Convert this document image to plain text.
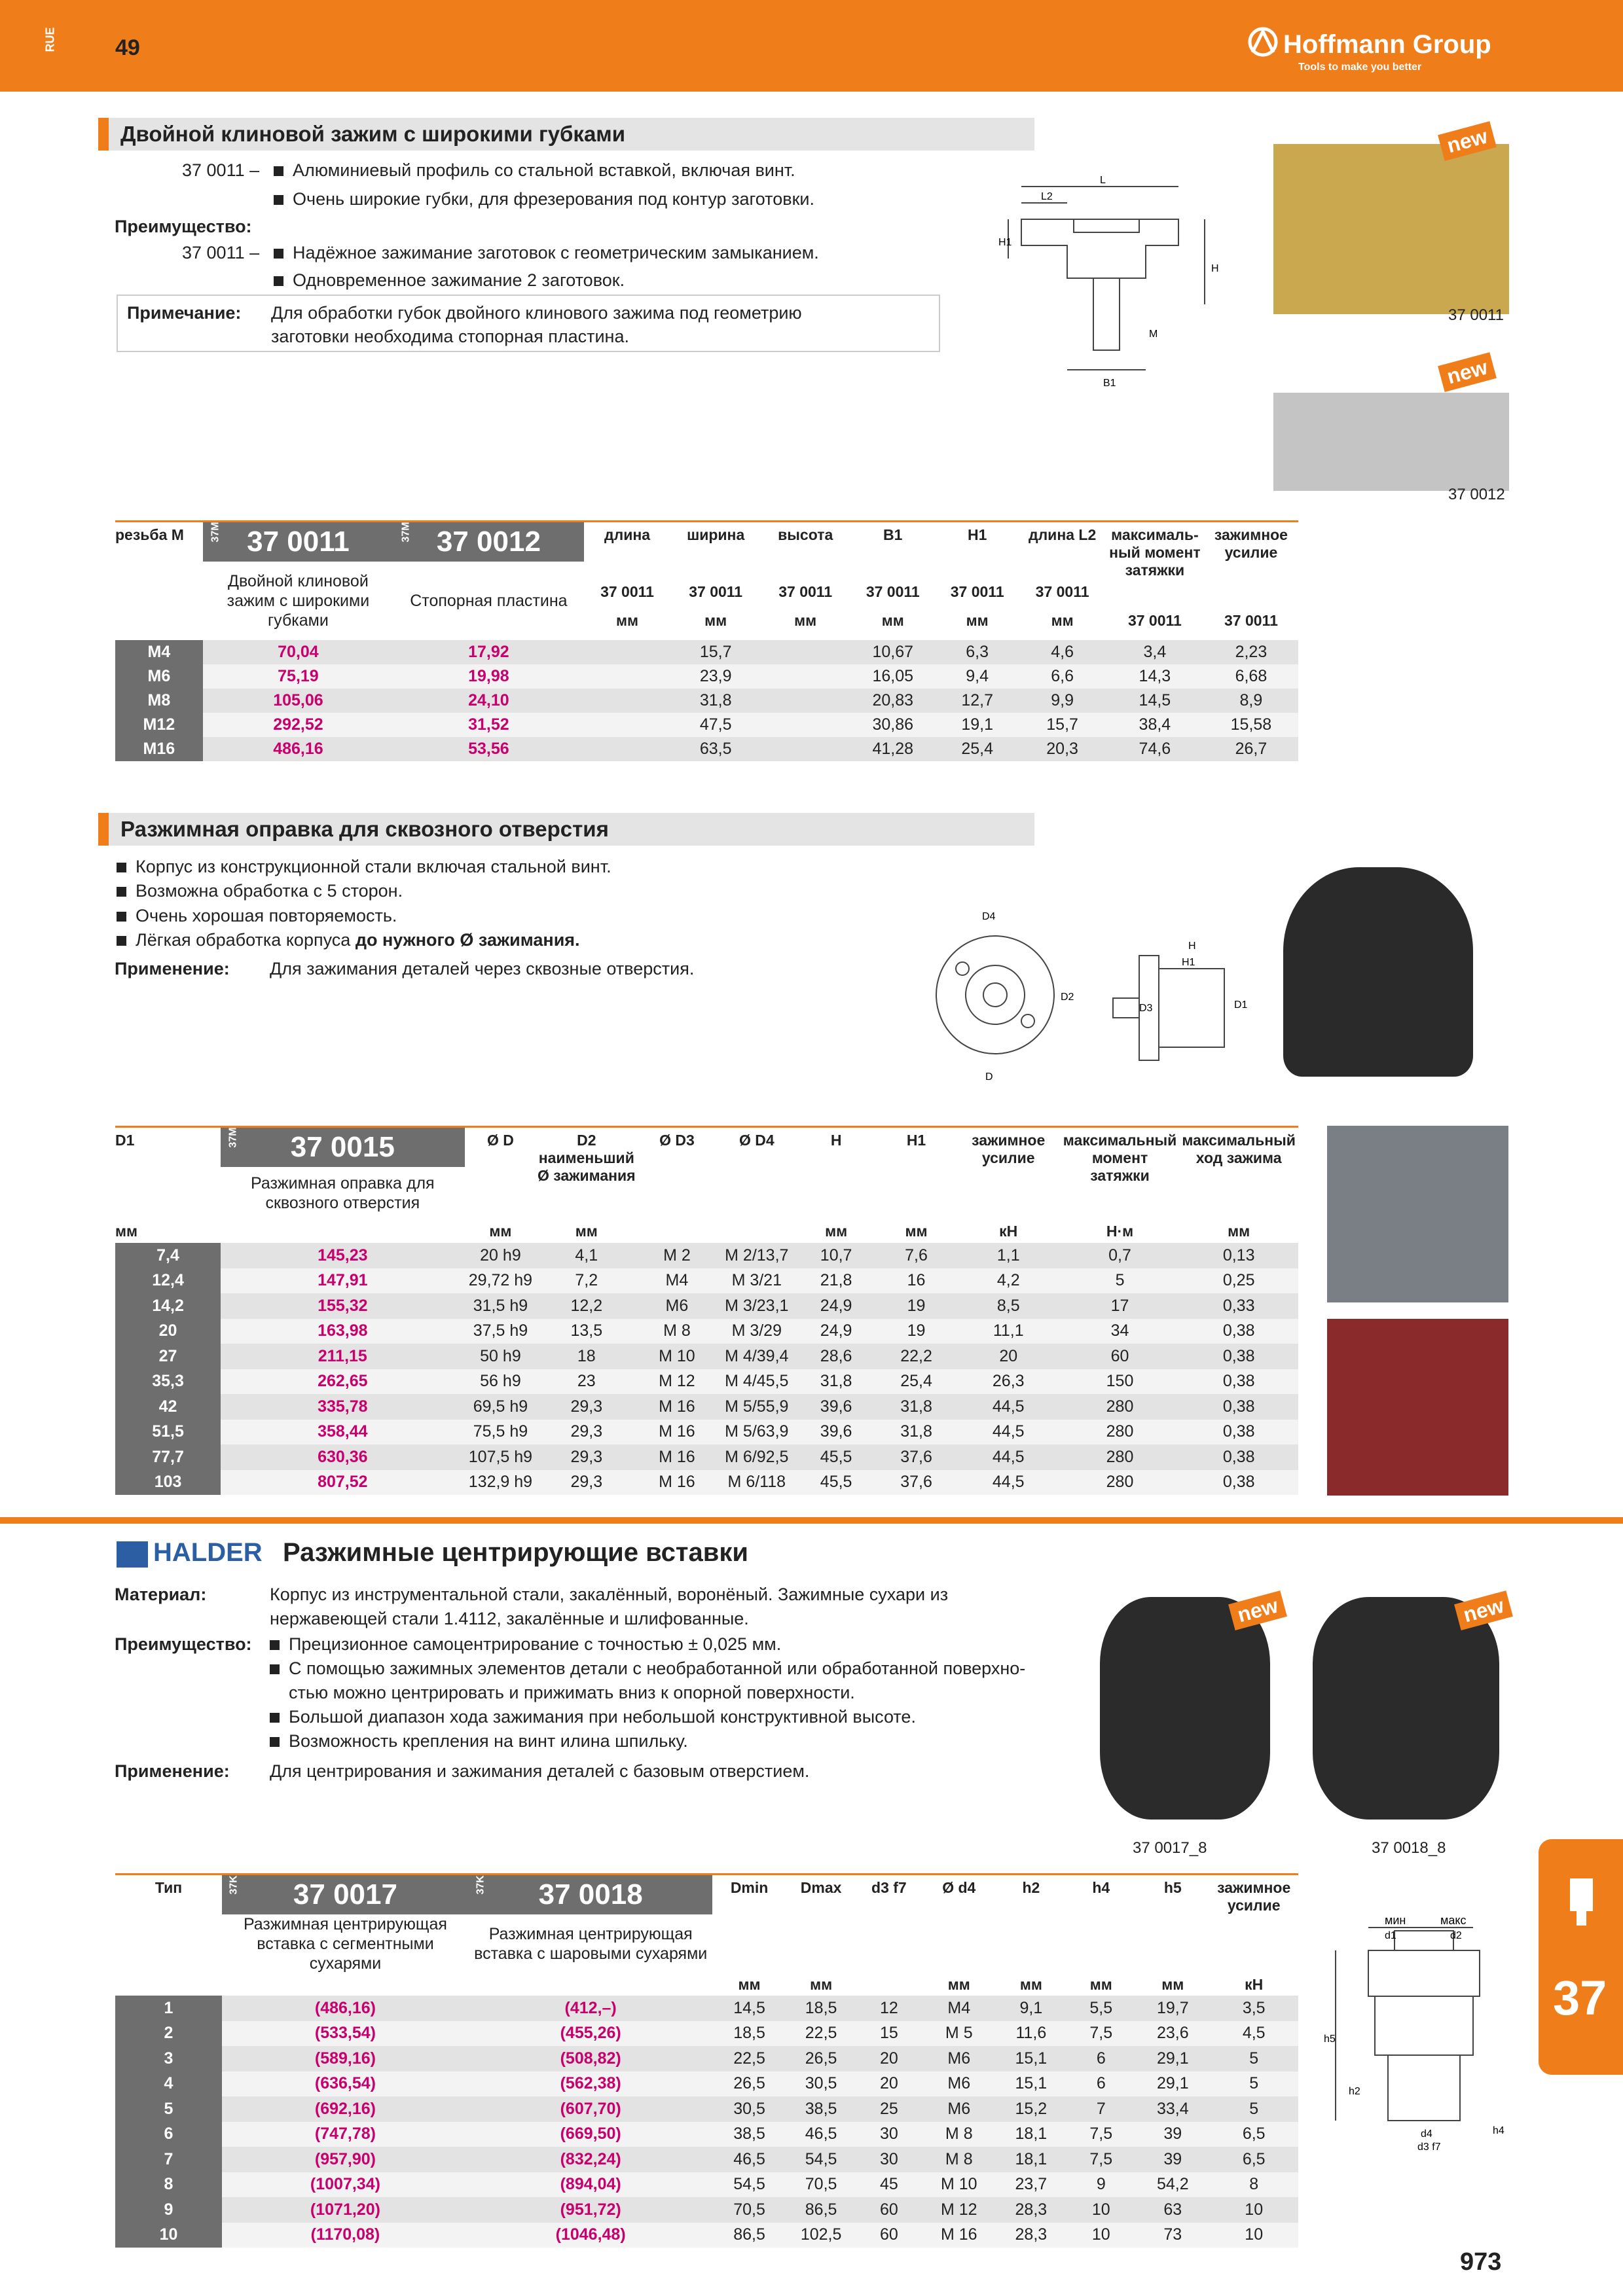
RUE	49	Hoffmann Group
Tools to make you better
Двойной клиновой зажим с широкими губками
37 0011 –	Алюминиевый профиль со стальной вставкой, включая винт.
Очень широкие губки, для фрезерования под контур заготовки.
Преимущество:
37 0011 –	Надёжное зажимание заготовок с геометрическим замыканием.
Одновременное зажимание 2 заготовок.
Примечание: Для обработки губок двойного клинового зажима под геометрию
заготовки необходима стопорная пластина.
L
L2
H1
H
B1
M
new
37 0011
new
37 0012
резьба M	37M 37 0011	37M 37 0012	длина	ширина	высота	B1	H1	длина L2	максималь-ный момент затяжки	зажимное усилие
	Двойной клиновой зажим с широкими губками	Стопорная пластина	37 0011	37 0011	37 0011	37 0011	37 0011	37 0011		
			мм	мм	мм	мм	мм	мм	37 0011	37 0011
M4	70,04	17,92		15,7		10,67	6,3	4,6	3,4	2,23
M6	75,19	19,98		23,9		16,05	9,4	6,6	14,3	6,68
M8	105,06	24,10		31,8		20,83	12,7	9,9	14,5	8,9
M12	292,52	31,52		47,5		30,86	19,1	15,7	38,4	15,58
M16	486,16	53,56		63,5		41,28	25,4	20,3	74,6	26,7
Разжимная оправка для сквозного отверстия
Корпус из конструкционной стали включая стальной винт.
Возможна обработка с 5 сторон.
Очень хорошая повторяемость.
Лёгкая обработка корпуса до нужного Ø зажимания.
Применение: Для зажимания деталей через сквозные отверстия.
D
D2
D1
H
H1
D4
D3
D1	37M 37 0015	Ø D	D2 наименьший Ø зажимания	Ø D3	Ø D4	H	H1	зажимное усилие	максимальный момент затяжки	максимальный ход зажима
	Разжимная оправка для сквозного отверстия									
мм		мм	мм			мм	мм	кН	Н·м	мм
7,4	145,23	20 h9	4,1	M 2	M 2/13,7	10,7	7,6	1,1	0,7	0,13
12,4	147,91	29,72 h9	7,2	M4	M 3/21	21,8	16	4,2	5	0,25
14,2	155,32	31,5 h9	12,2	M6	M 3/23,1	24,9	19	8,5	17	0,33
20	163,98	37,5 h9	13,5	M 8	M 3/29	24,9	19	11,1	34	0,38
27	211,15	50 h9	18	M 10	M 4/39,4	28,6	22,2	20	60	0,38
35,3	262,65	56 h9	23	M 12	M 4/45,5	31,8	25,4	26,3	150	0,38
42	335,78	69,5 h9	29,3	M 16	M 5/55,9	39,6	31,8	44,5	280	0,38
51,5	358,44	75,5 h9	29,3	M 16	M 5/63,9	39,6	31,8	44,5	280	0,38
77,7	630,36	107,5 h9	29,3	M 16	M 6/92,5	45,5	37,6	44,5	280	0,38
103	807,52	132,9 h9	29,3	M 16	M 6/118	45,5	37,6	44,5	280	0,38
HALDER Разжимные центрирующие вставки
Материал:	Корпус из инструментальной стали, закалённый, воронёный. Зажимные сухари из
нержавеющей стали 1.4112, закалённые и шлифованные.
Преимущество:	Прецизионное самоцентрирование с точностью ± 0,025 мм.
С помощью зажимных элементов детали с необработанной или обработанной поверхно-
стью можно центрировать и прижимать вниз к опорной поверхности.
Большой диапазон хода зажимания при небольшой конструктивной высоте.
Возможность крепления на винт илина шпильку.
Применение: Для центрирования и зажимания деталей с базовым отверстием.
new
37 0017_8
new
37 0018_8
37
мин	макс
d1	d2
h5
h2
h4
d4
d3 f7
Тип	37K 37 0017	37K 37 0018	Dmin	Dmax	d3 f7	Ø d4	h2	h4	h5	зажимное усилие
	Разжимная центрирующая вставка с сегментными сухарями	Разжимная центрирующая вставка с шаровыми сухарями								
			мм	мм		мм	мм	мм	мм	кН
1	(486,16)	(412,–)	14,5	18,5	12	M4	9,1	5,5	19,7	3,5
2	(533,54)	(455,26)	18,5	22,5	15	M 5	11,6	7,5	23,6	4,5
3	(589,16)	(508,82)	22,5	26,5	20	M6	15,1	6	29,1	5
4	(636,54)	(562,38)	26,5	30,5	20	M6	15,1	6	29,1	5
5	(692,16)	(607,70)	30,5	38,5	25	M6	15,2	7	33,4	5
6	(747,78)	(669,50)	38,5	46,5	30	M 8	18,1	7,5	39	6,5
7	(957,90)	(832,24)	46,5	54,5	30	M 8	18,1	7,5	39	6,5
8	(1007,34)	(894,04)	54,5	70,5	45	M 10	23,7	9	54,2	8
9	(1071,20)	(951,72)	70,5	86,5	60	M 12	28,3	10	63	10
10	(1170,08)	(1046,48)	86,5	102,5	60	M 16	28,3	10	73	10
973
